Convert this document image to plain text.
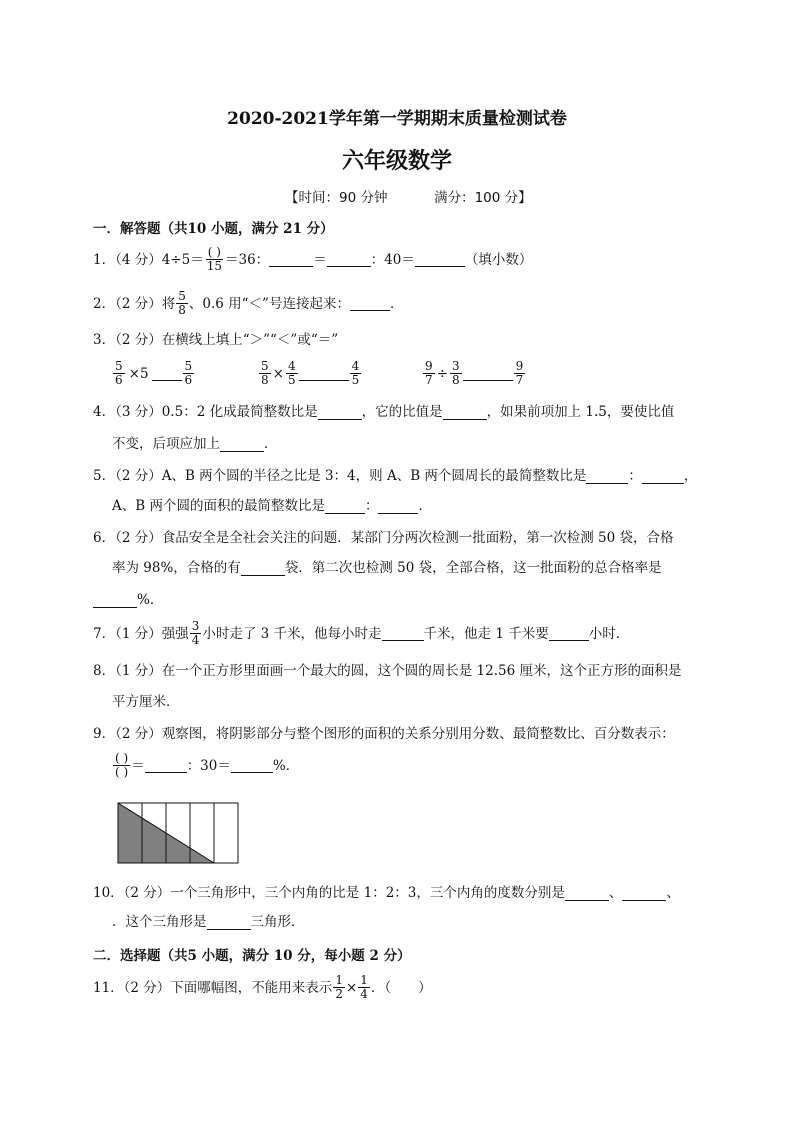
2020-2021学年第一学期期末质量检测试卷
六年级数学
【时间：90 分钟	满分：100 分】
一．解答题（共10 小题，满分 21 分）
1．（4 分）$4\div 5= \frac{( )}{15} =36$：	＝	：40＝	（填小数）
2．（2 分）将 $\frac{5}{8}$ 、0.6 用“＜”号连接起来：	．
3．（2 分）在横线上填上“＞”“＜”或“＝”
$\frac{5}{6} \times 5$	$\frac{5}{6}$	$\frac{5}{8} \times \frac{4}{5}$	$\frac{4}{5}$	$\frac{9}{7} \div \frac{3}{8}$	$\frac{9}{7}$
4．（3 分）0.5：2 化成最简整数比是	，它的比值是	，如果前项加上 1.5，要使比值
不变，后项应加上	．
5．（2 分）A、B 两个圆的半径之比是 3：4，则 A、B 两个圆周长的最简整数比是	：	，
A、B 两个圆的面积的最简整数比是	：	．
6．（2 分）食品安全是全社会关注的问题．某部门分两次检测一批面粉，第一次检测 50 袋，合格
率为 98%，合格的有	袋．第二次也检测 50 袋，全部合格，这一批面粉的总合格率是
%．
7．（1 分）强强 $\frac{3}{4}$ 小时走了 3 千米，他每小时走	千米，他走 1 千米要	小时．
8．（1 分）在一个正方形里面画一个最大的圆，这个圆的周长是 12.56 厘米，这个正方形的面积是
平方厘米．
9．（2 分）观察图，将阴影部分与整个图形的面积的关系分别用分数、最简整数比、百分数表示：
$\frac{( )}{( )}$ ＝	：30＝	%．
10．（2 分）一个三角形中，三个内角的比是 1：2：3，三个内角的度数分别是	、	、
．这个三角形是	三角形．
二．选择题（共5 小题，满分 10 分，每小题 2 分）
11．（2 分）下面哪幅图，不能用来表示 $\frac{1}{2} \times \frac{1}{4}$ ．（　　）
